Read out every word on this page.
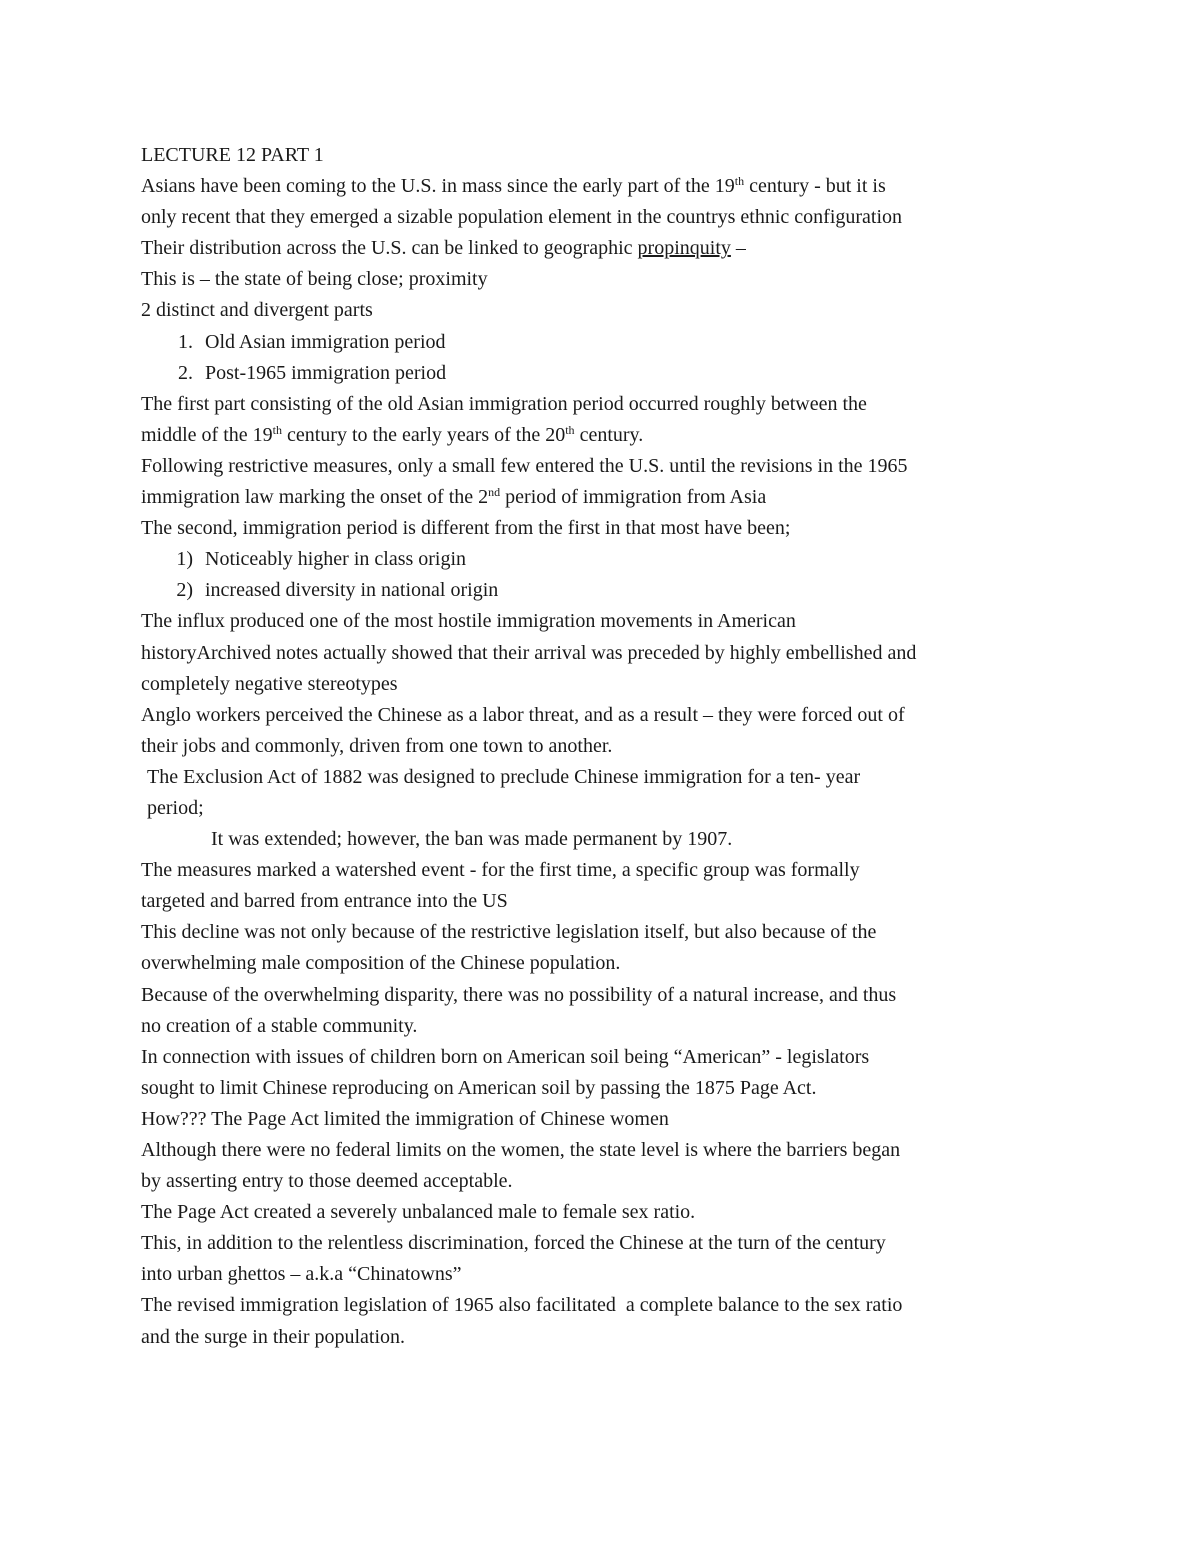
LECTURE 12 PART 1
Asians have been coming to the U.S. in mass since the early part of the 19th century - but it is
only recent that they emerged a sizable population element in the countrys ethnic configuration
Their distribution across the U.S. can be linked to geographic propinquity –
This is – the state of being close; proximity
2 distinct and divergent parts
1. Old Asian immigration period
2. Post-1965 immigration period
The first part consisting of the old Asian immigration period occurred roughly between the
middle of the 19th century to the early years of the 20th century.
Following restrictive measures, only a small few entered the U.S. until the revisions in the 1965
immigration law marking the onset of the 2nd period of immigration from Asia
The second, immigration period is different from the first in that most have been;
1) Noticeably higher in class origin
2) increased diversity in national origin
The influx produced one of the most hostile immigration movements in American
historyArchived notes actually showed that their arrival was preceded by highly embellished and
completely negative stereotypes
Anglo workers perceived the Chinese as a labor threat, and as a result – they were forced out of
their jobs and commonly, driven from one town to another.
The Exclusion Act of 1882 was designed to preclude Chinese immigration for a ten- year
period;
It was extended; however, the ban was made permanent by 1907.
The measures marked a watershed event - for the first time, a specific group was formally
targeted and barred from entrance into the US
This decline was not only because of the restrictive legislation itself, but also because of the
overwhelming male composition of the Chinese population.
Because of the overwhelming disparity, there was no possibility of a natural increase, and thus
no creation of a stable community.
In connection with issues of children born on American soil being “American” - legislators
sought to limit Chinese reproducing on American soil by passing the 1875 Page Act.
How??? The Page Act limited the immigration of Chinese women
Although there were no federal limits on the women, the state level is where the barriers began
by asserting entry to those deemed acceptable.
The Page Act created a severely unbalanced male to female sex ratio.
This, in addition to the relentless discrimination, forced the Chinese at the turn of the century
into urban ghettos – a.k.a “Chinatowns”
The revised immigration legislation of 1965 also facilitated  a complete balance to the sex ratio
and the surge in their population.
